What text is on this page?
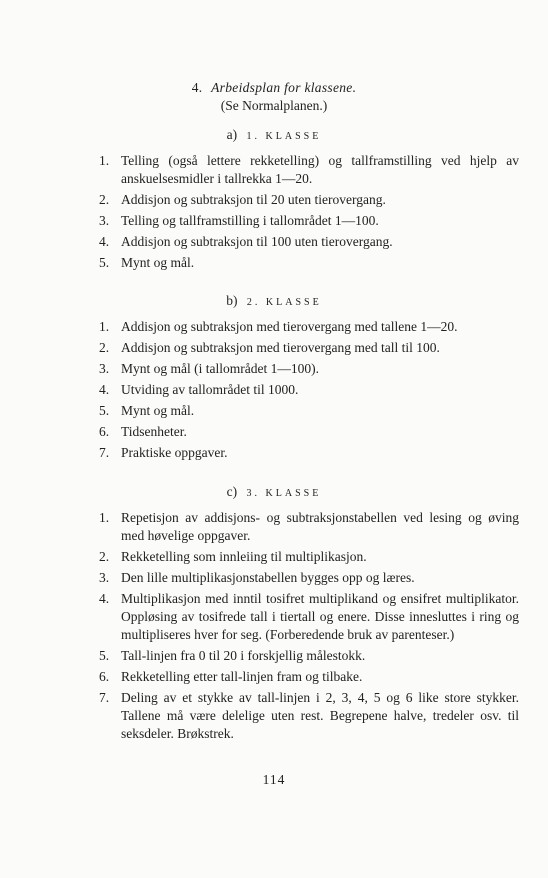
4. Arbeidsplan for klassene.
(Se Normalplanen.)
a) 1. KLASSE
1. Telling (også lettere rekketelling) og tallframstilling ved hjelp av anskuelsesmidler i tallrekka 1—20.
2. Addisjon og subtraksjon til 20 uten tierovergang.
3. Telling og tallframstilling i tallområdet 1—100.
4. Addisjon og subtraksjon til 100 uten tierovergang.
5. Mynt og mål.
b) 2. KLASSE
1. Addisjon og subtraksjon med tierovergang med tallene 1—20.
2. Addisjon og subtraksjon med tierovergang med tall til 100.
3. Mynt og mål (i tallområdet 1—100).
4. Utviding av tallområdet til 1000.
5. Mynt og mål.
6. Tidsenheter.
7. Praktiske oppgaver.
c) 3. KLASSE
1. Repetisjon av addisjons- og subtraksjonstabellen ved lesing og øving med høvelige oppgaver.
2. Rekketelling som innleiing til multiplikasjon.
3. Den lille multiplikasjonstabellen bygges opp og læres.
4. Multiplikasjon med inntil tosifret multiplikand og ensifret multiplikator. Oppløsing av tosifrede tall i tiertall og enere. Disse innesluttes i ring og multipliseres hver for seg. (Forberedende bruk av parenteser.)
5. Tall-linjen fra 0 til 20 i forskjellig målestokk.
6. Rekketelling etter tall-linjen fram og tilbake.
7. Deling av et stykke av tall-linjen i 2, 3, 4, 5 og 6 like store stykker. Tallene må være delelige uten rest. Begrepene halve, tredeler osv. til seksdeler. Brøkstrek.
114
